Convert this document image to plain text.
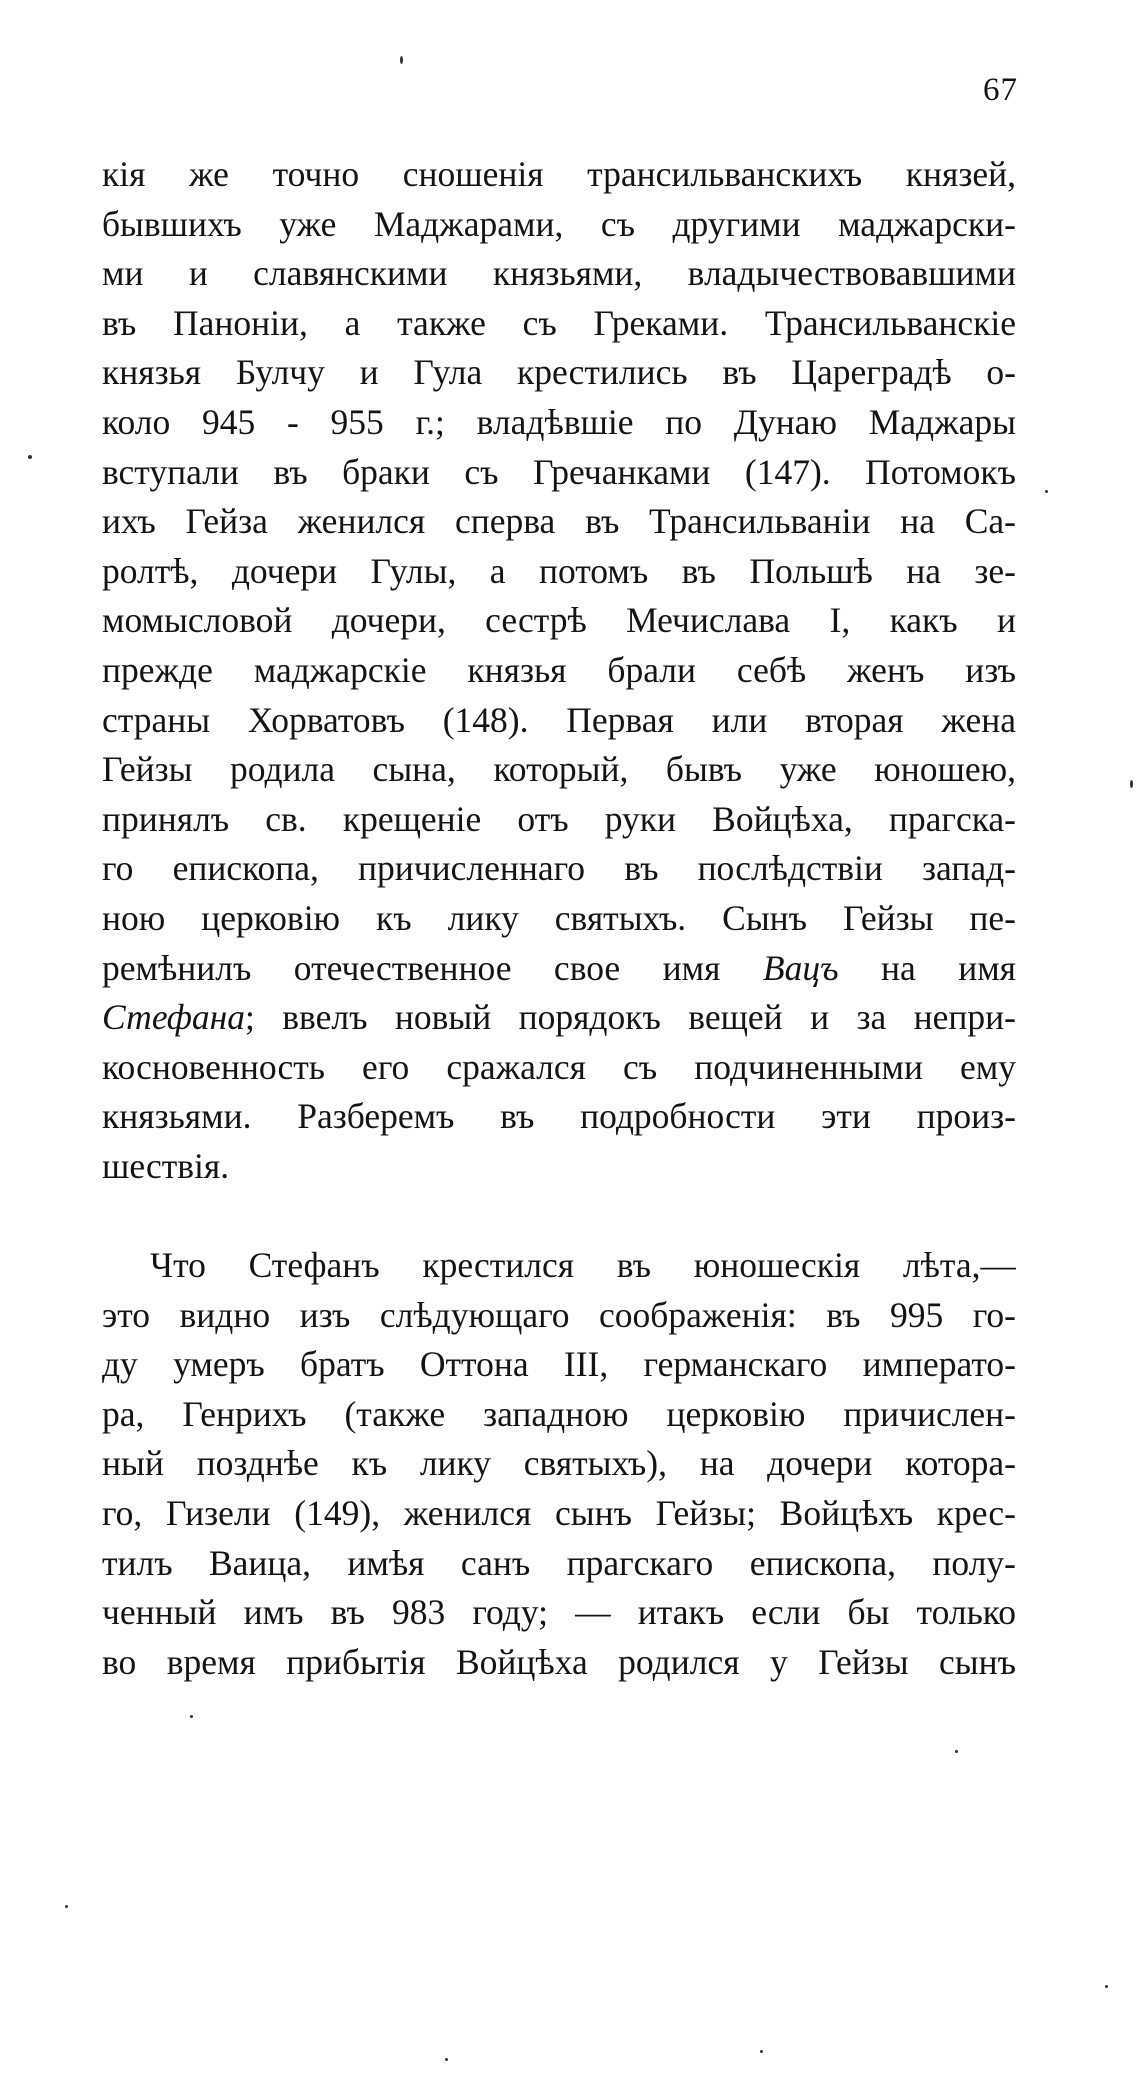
67
кія же точно сношенія трансильванскихъ князей,
бывшихъ уже Маджарами, съ другими маджарски-
ми и славянскими князьями, владычествовавшими
въ Паноніи, а также съ Греками. Трансильванскіе
князья Булчу и Гула крестились въ Цареградѣ о-
коло 945 - 955 г.; владѣвшіе по Дунаю Маджары
вступали въ браки съ Гречанками (147). Потомокъ
ихъ Гейза женился сперва въ Трансильваніи на Са-
ролтѣ, дочери Гулы, а потомъ въ Польшѣ на зе-
момысловой дочери, сестрѣ Мечислава I, какъ и
прежде маджарскіе князья брали себѣ женъ изъ
страны Хорватовъ (148). Первая или вторая жена
Гейзы родила сына, который, бывъ уже юношею,
принялъ св. крещеніе отъ руки Войцѣха, прагска-
го епископа, причисленнаго въ послѣдствіи запад-
ною церковію къ лику святыхъ. Сынъ Гейзы пе-
ремѣнилъ отечественное свое имя Вацъ на имя
Стефана; ввелъ новый порядокъ вещей и за непри-
косновенность его сражался съ подчиненными ему
князьями. Разберемъ въ подробности эти произ-
шествія.
Что Стефанъ крестился въ юношескія лѣта,—
это видно изъ слѣдующаго соображенія: въ 995 го-
ду умеръ братъ Оттона III, германскаго императо-
ра, Генрихъ (также западною церковію причислен-
ный позднѣе къ лику святыхъ), на дочери котора-
го, Гизели (149), женился сынъ Гейзы; Войцѣхъ крес-
тилъ Ваица, имѣя санъ прагскаго епископа, полу-
ченный имъ въ 983 году; — итакъ если бы только
во время прибытія Войцѣха родился у Гейзы сынъ
